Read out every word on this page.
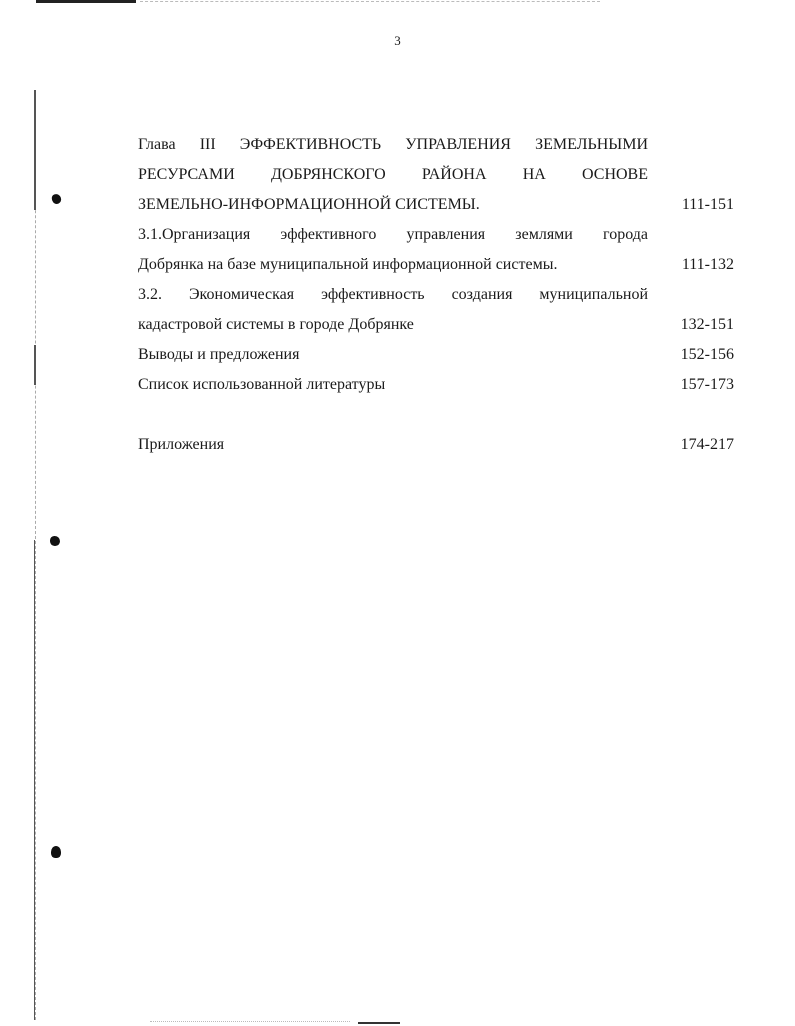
3
Глава III ЭФФЕКТИВНОСТЬ УПРАВЛЕНИЯ ЗЕМЕЛЬНЫМИ
РЕСУРСАМИ ДОБРЯНСКОГО РАЙОНА НА ОСНОВЕ
ЗЕМЕЛЬНО-ИНФОРМАЦИОННОЙ СИСТЕМЫ.	111-151
3.1.Организация эффективного управления землями города
Добрянка на базе муниципальной информационной системы.	111-132
3.2. Экономическая эффективность создания муниципальной
кадастровой системы в городе Добрянке	132-151
Выводы и предложения	152-156
Список использованной литературы	157-173
Приложения	174-217
